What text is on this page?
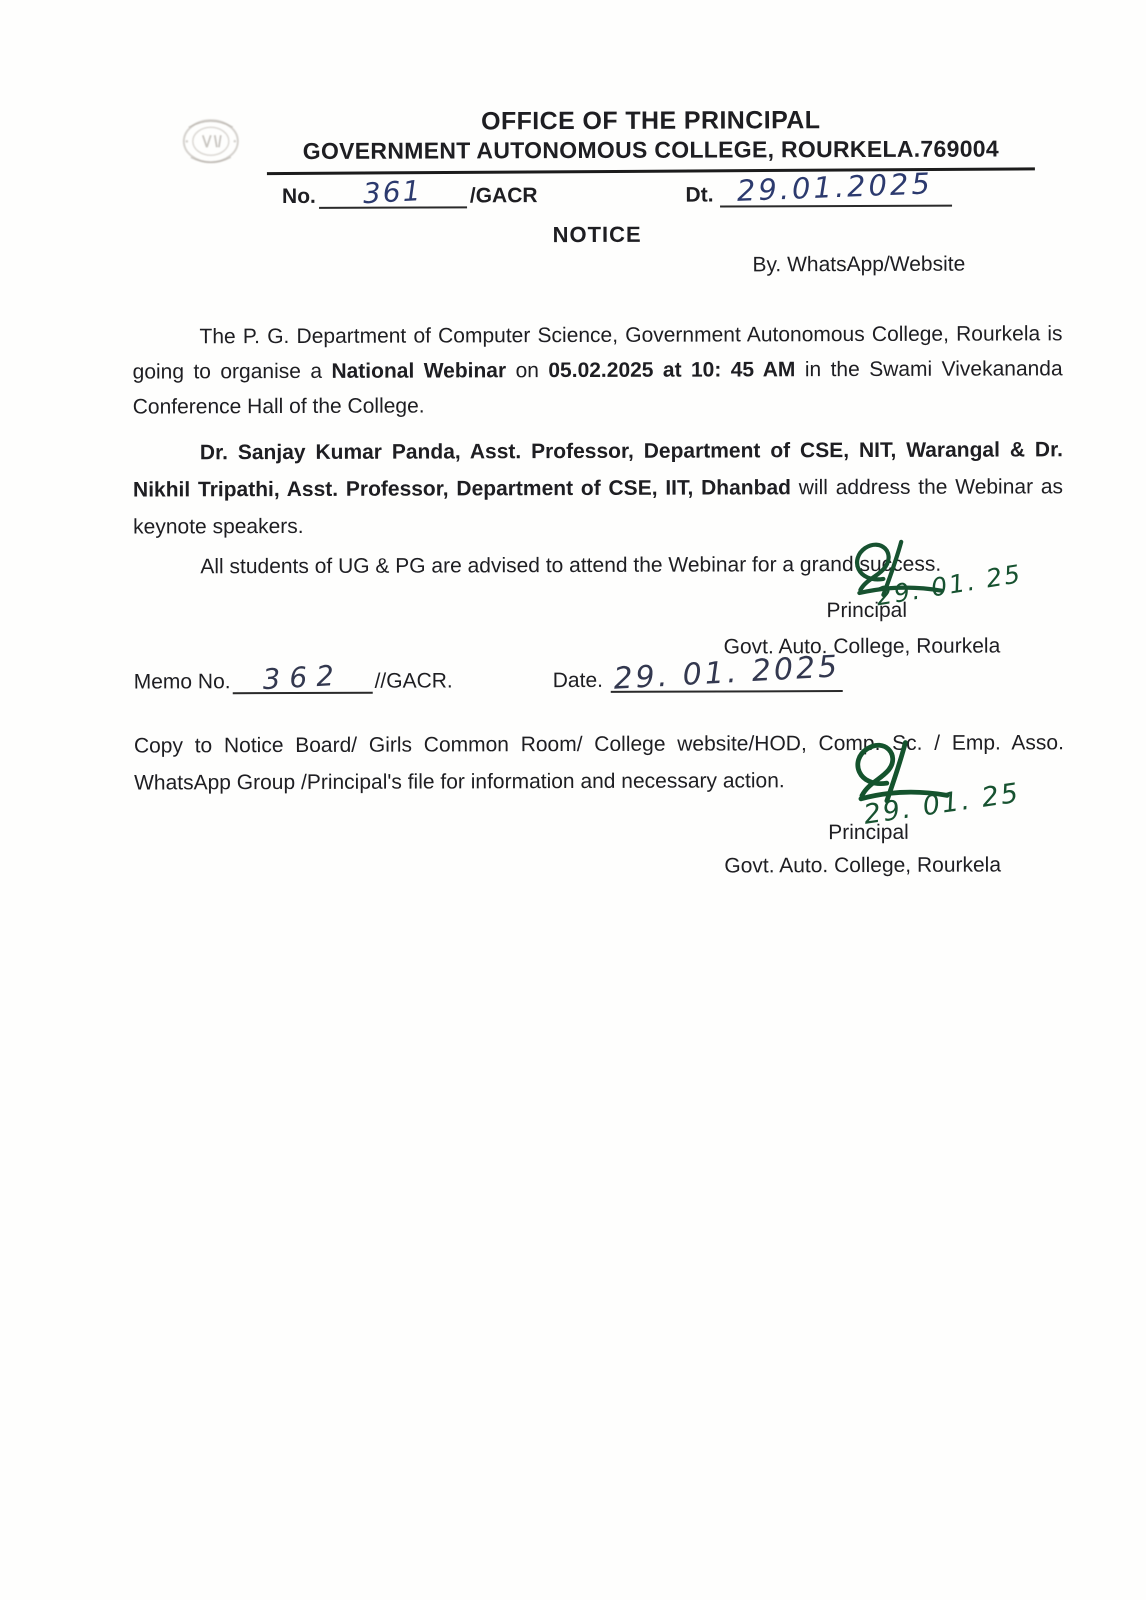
OFFICE OF THE PRINCIPAL
GOVERNMENT AUTONOMOUS COLLEGE, ROURKELA.769004
No.	361	/GACR	Dt. 29.01.2025
NOTICE
By. WhatsApp/Website

The P. G. Department of Computer Science, Government Autonomous College, Rourkela is going to organise a National Webinar on 05.02.2025 at 10: 45 AM in the Swami Vivekananda Conference Hall of the College.

Dr. Sanjay Kumar Panda, Asst. Professor, Department of CSE, NIT, Warangal & Dr. Nikhil Tripathi, Asst. Professor, Department of CSE, IIT, Dhanbad will address the Webinar as keynote speakers.

All students of UG & PG are advised to attend the Webinar for a grand success.

29. 01. 25
Principal
Govt. Auto. College, Rourkela
Memo No.	362	//GACR.	Date. 29. 01. 2025

Copy to Notice Board/ Girls Common Room/ College website/HOD, Comp. Sc. / Emp. Asso. WhatsApp Group /Principal's file for information and necessary action.	29. 01. 25
Principal
Govt. Auto. College, Rourkela
